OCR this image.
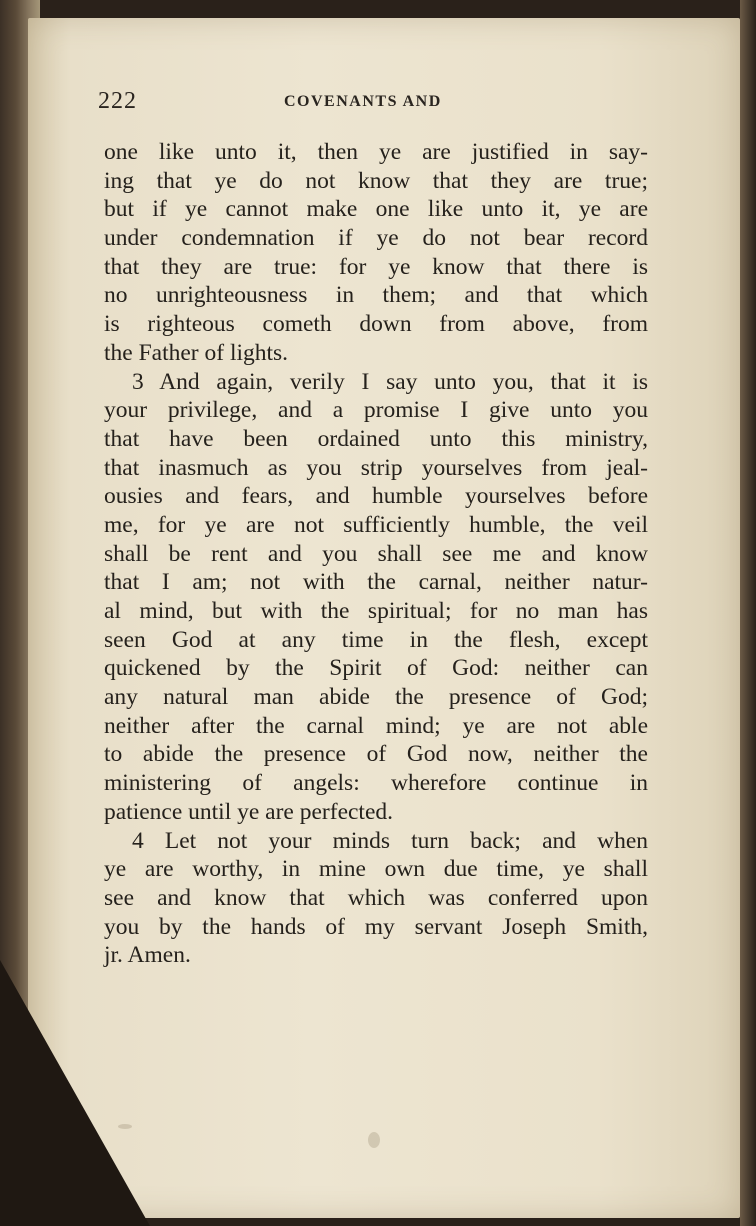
222	COVENANTS AND
one like unto it, then ye are justified in say-
ing that ye do not know that they are true;
but if ye cannot make one like unto it, ye are
under condemnation if ye do not bear record
that they are true: for ye know that there is
no unrighteousness in them; and that which
is righteous cometh down from above, from
the Father of lights.
3 And again, verily I say unto you, that it is
your privilege, and a promise I give unto you
that have been ordained unto this ministry,
that inasmuch as you strip yourselves from jeal-
ousies and fears, and humble yourselves before
me, for ye are not sufficiently humble, the veil
shall be rent and you shall see me and know
that I am; not with the carnal, neither natur-
al mind, but with the spiritual; for no man has
seen God at any time in the flesh, except
quickened by the Spirit of God: neither can
any natural man abide the presence of God;
neither after the carnal mind; ye are not able
to abide the presence of God now, neither the
ministering of angels: wherefore continue in
patience until ye are perfected.
4 Let not your minds turn back; and when
ye are worthy, in mine own due time, ye shall
see and know that which was conferred upon
you by the hands of my servant Joseph Smith,
jr. Amen.
